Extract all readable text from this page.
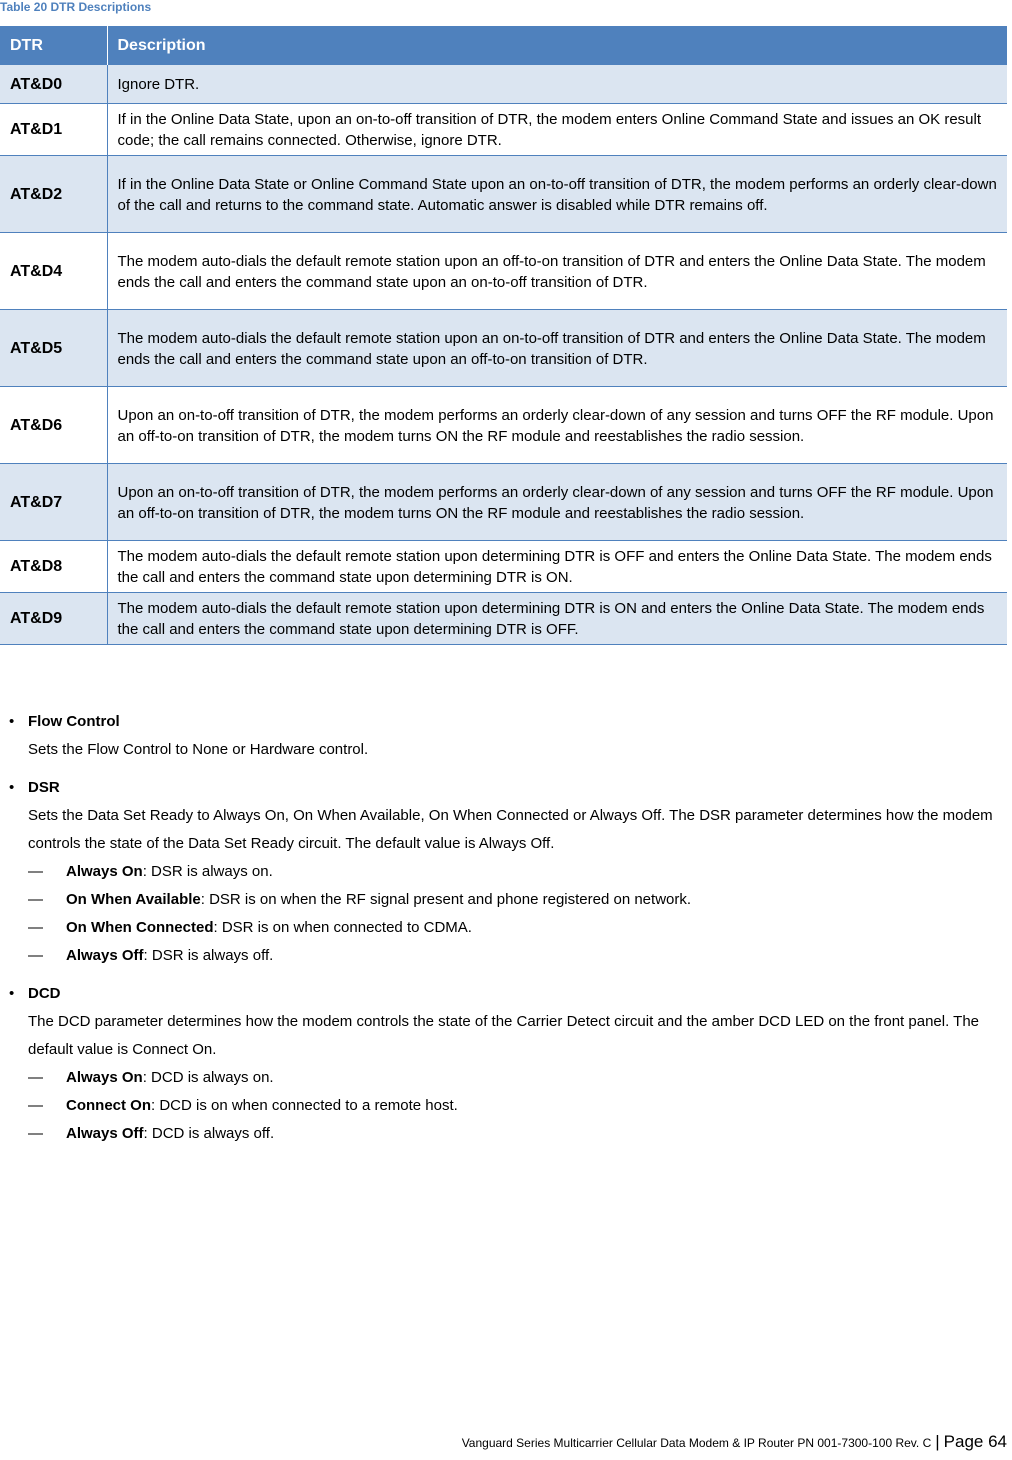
Table 20 DTR Descriptions
DTR	Description
AT&D0	Ignore DTR.
AT&D1	If in the Online Data State, upon an on-to-off transition of DTR, the modem enters Online Command State and issues an OK result code; the call remains connected. Otherwise, ignore DTR.
AT&D2	If in the Online Data State or Online Command State upon an on-to-off transition of DTR, the modem performs an orderly clear-down of the call and returns to the command state. Automatic answer is disabled while DTR remains off.
AT&D4	The modem auto-dials the default remote station upon an off-to-on transition of DTR and enters the Online Data State. The modem ends the call and enters the command state upon an on-to-off transition of DTR.
AT&D5	The modem auto-dials the default remote station upon an on-to-off transition of DTR and enters the Online Data State. The modem ends the call and enters the command state upon an off-to-on transition of DTR.
AT&D6	Upon an on-to-off transition of DTR, the modem performs an orderly clear-down of any session and turns OFF the RF module. Upon an off-to-on transition of DTR, the modem turns ON the RF module and reestablishes the radio session.
AT&D7	Upon an on-to-off transition of DTR, the modem performs an orderly clear-down of any session and turns OFF the RF module. Upon an off-to-on transition of DTR, the modem turns ON the RF module and reestablishes the radio session.
AT&D8	The modem auto-dials the default remote station upon determining DTR is OFF and enters the Online Data State. The modem ends the call and enters the command state upon determining DTR is ON.
AT&D9	The modem auto-dials the default remote station upon determining DTR is ON and enters the Online Data State. The modem ends the call and enters the command state upon determining DTR is OFF.
• Flow Control
Sets the Flow Control to None or Hardware control.
• DSR
Sets the Data Set Ready to Always On, On When Available, On When Connected or Always Off. The DSR parameter determines how the modem controls the state of the Data Set Ready circuit. The default value is Always Off.
— Always On: DSR is always on.
— On When Available: DSR is on when the RF signal present and phone registered on network.
— On When Connected: DSR is on when connected to CDMA.
— Always Off: DSR is always off.
• DCD
The DCD parameter determines how the modem controls the state of the Carrier Detect circuit and the amber DCD LED on the front panel. The default value is Connect On.
— Always On: DCD is always on.
— Connect On: DCD is on when connected to a remote host.
— Always Off: DCD is always off.
Vanguard Series Multicarrier Cellular Data Modem & IP Router PN 001-7300-100 Rev. C | Page 64
